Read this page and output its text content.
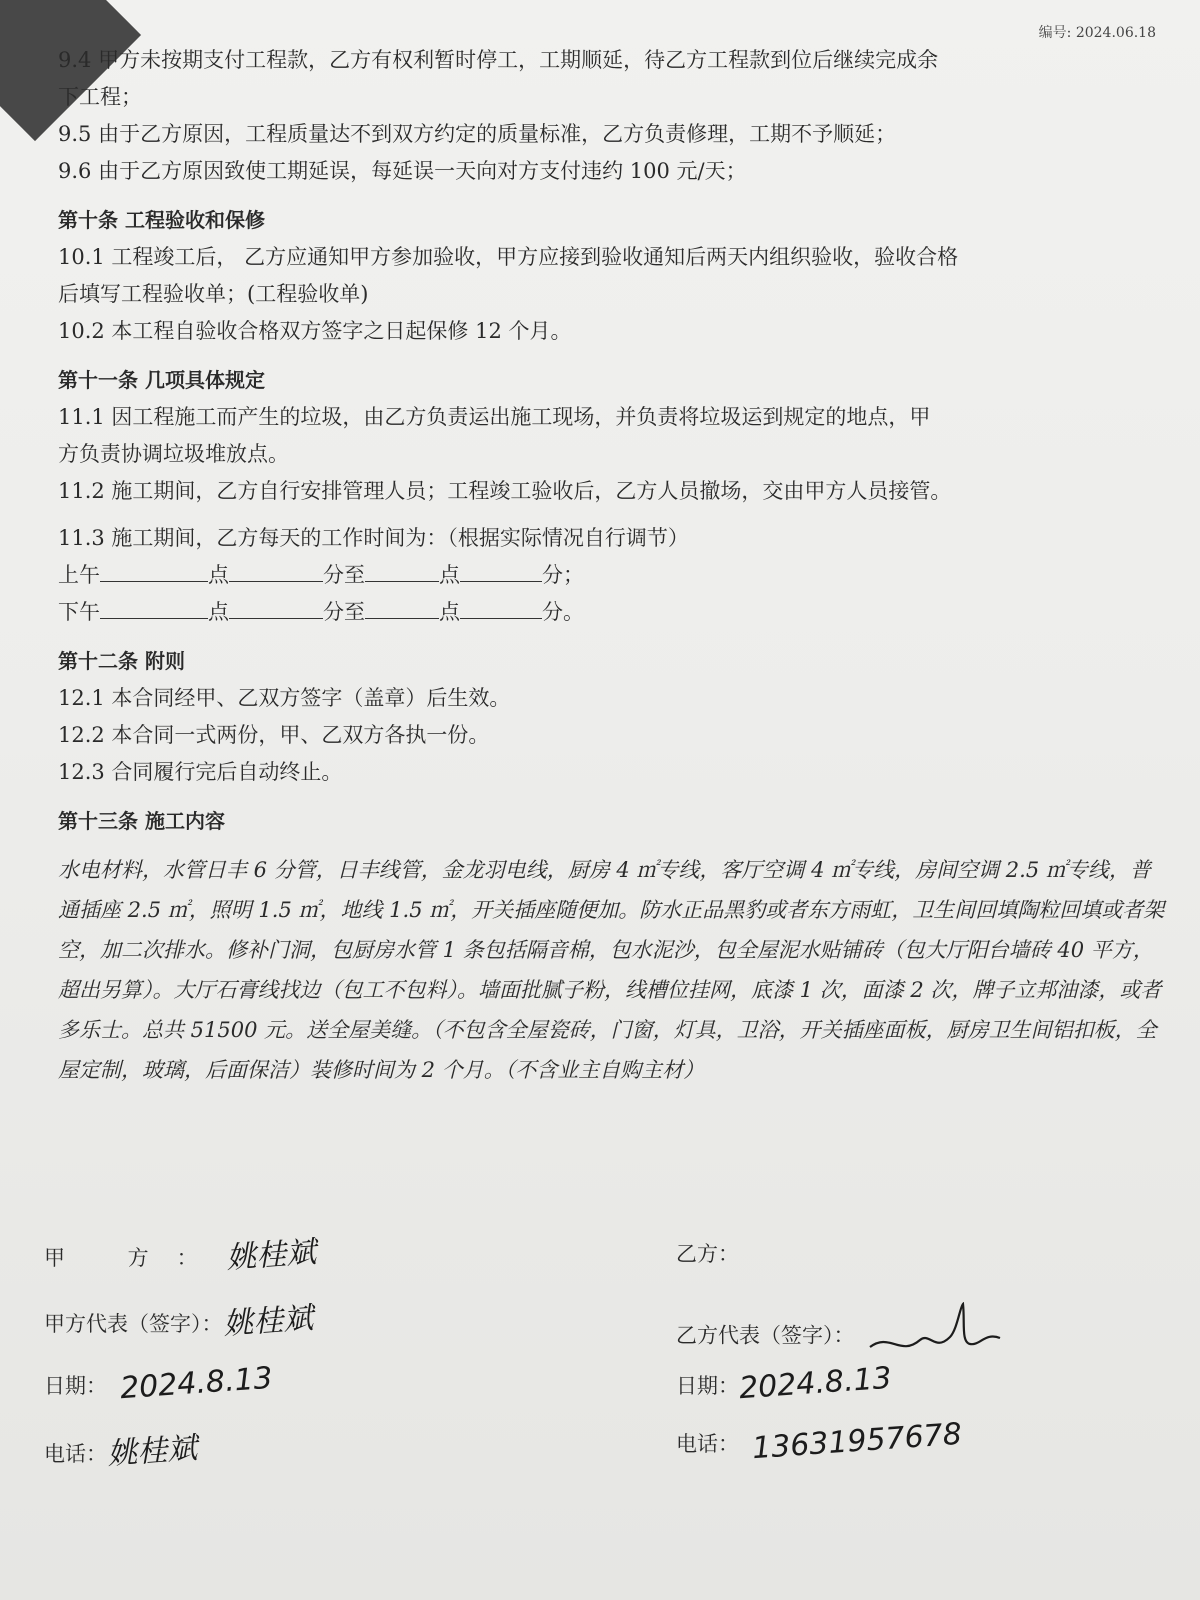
编号: 2024.06.18
9.4 甲方未按期支付工程款，乙方有权利暂时停工，工期顺延，待乙方工程款到位后继续完成余
下工程；
9.5 由于乙方原因，工程质量达不到双方约定的质量标准，乙方负责修理，工期不予顺延；
9.6 由于乙方原因致使工期延误，每延误一天向对方支付违约 100 元/天；
第十条 工程验收和保修
10.1 工程竣工后， 乙方应通知甲方参加验收，甲方应接到验收通知后两天内组织验收，验收合格
后填写工程验收单；(工程验收单)
10.2 本工程自验收合格双方签字之日起保修 12 个月。
第十一条 几项具体规定
11.1 因工程施工而产生的垃圾，由乙方负责运出施工现场，并负责将垃圾运到规定的地点，甲
方负责协调垃圾堆放点。
11.2 施工期间，乙方自行安排管理人员；工程竣工验收后，乙方人员撤场，交由甲方人员接管。
11.3 施工期间，乙方每天的工作时间为：（根据实际情况自行调节）
上午	点	分至	点	分；
下午	点	分至	点	分。
第十二条 附则
12.1 本合同经甲、乙双方签字（盖章）后生效。
12.2 本合同一式两份，甲、乙双方各执一份。
12.3 合同履行完后自动终止。
第十三条 施工内容
水电材料，水管日丰 6 分管，日丰线管，金龙羽电线，厨房 4 ㎡专线，客厅空调 4 ㎡专线，房间空调 2.5 ㎡专线，普通插座 2.5 ㎡，照明 1.5 ㎡，地线 1.5 ㎡，开关插座随便加。防水正品黑豹或者东方雨虹，卫生间回填陶粒回填或者架空，加二次排水。修补门洞，包厨房水管 1 条包括隔音棉，包水泥沙，包全屋泥水贴铺砖（包大厅阳台墙砖 40 平方，超出另算）。大厅石膏线找边（包工不包料）。墙面批腻子粉，线槽位挂网，底漆 1 次，面漆 2 次，牌子立邦油漆，或者多乐士。总共 51500 元。送全屋美缝。（不包含全屋瓷砖，门窗，灯具，卫浴，开关插座面板，厨房卫生间铝扣板，全屋定制，玻璃，后面保洁）装修时间为 2 个月。（不含业主自购主材）
甲 方：姚桂斌
甲方代表（签字）：姚桂斌
日期： 2024.8.13
电话：姚桂斌
乙方：
乙方代表（签字）：
日期：2024.8.13
电话： 13631957678
